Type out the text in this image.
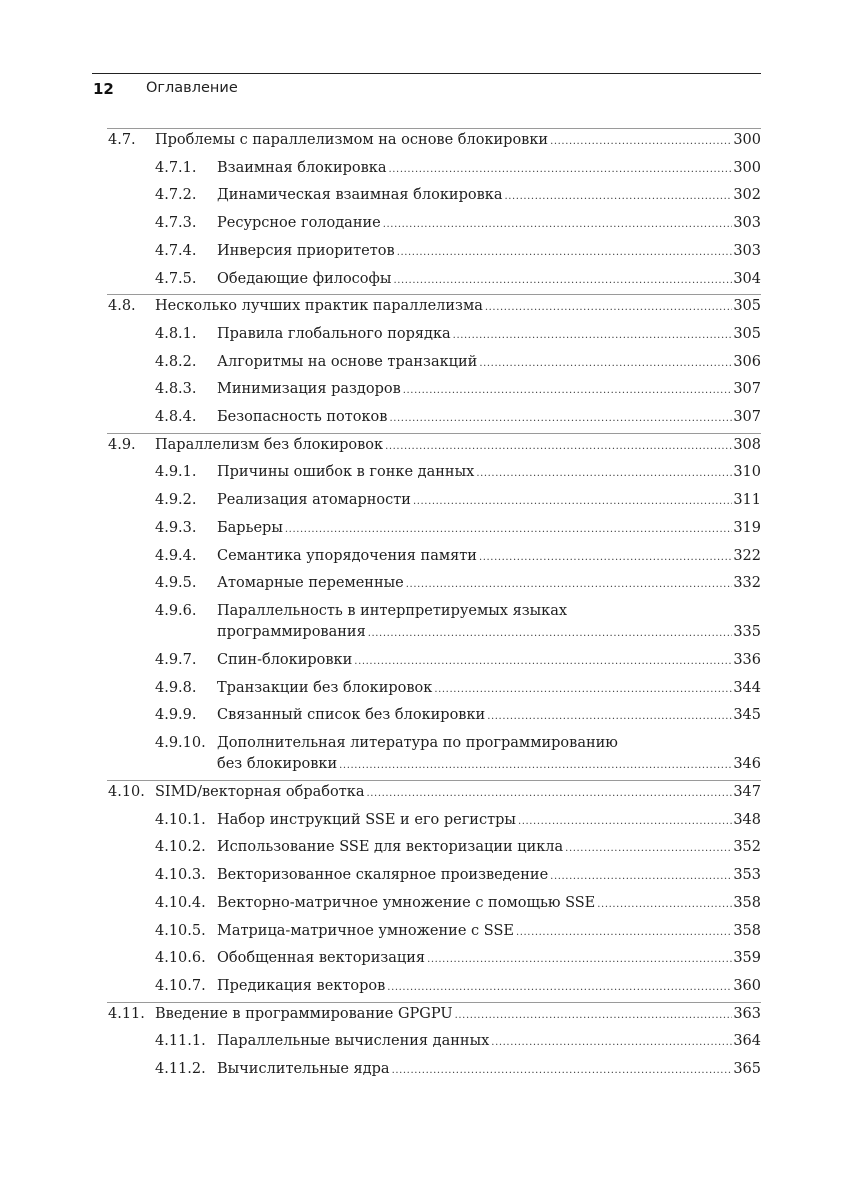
12 Оглавление
4.7. Проблемы с параллелизмом на основе блокировки .....	300
4.7.1. Взаимная блокировка .....	300
4.7.2. Динамическая взаимная блокировка .....	302
4.7.3. Ресурсное голодание .....	303
4.7.4. Инверсия приоритетов .....	303
4.7.5. Обедающие философы .....	304
4.8. Несколько лучших практик параллелизма .....	305
4.8.1. Правила глобального порядка .....	305
4.8.2. Алгоритмы на основе транзакций .....	306
4.8.3. Минимизация раздоров .....	307
4.8.4. Безопасность потоков .....	307
4.9. Параллелизм без блокировок .....	308
4.9.1. Причины ошибок в гонке данных .....	310
4.9.2. Реализация атомарности .....	311
4.9.3. Барьеры .....	319
4.9.4. Семантика упорядочения памяти .....	322
4.9.5. Атомарные переменные .....	332
4.9.6. Параллельность в интерпретируемых языках
программирования .....	335
4.9.7. Спин-блокировки .....	336
4.9.8. Транзакции без блокировок .....	344
4.9.9. Связанный список без блокировки .....	345
4.9.10. Дополнительная литература по программированию
без блокировки .....	346
4.10. SIMD/векторная обработка .....	347
4.10.1. Набор инструкций SSE и его регистры .....	348
4.10.2. Использование SSE для векторизации цикла .....	352
4.10.3. Векторизованное скалярное произведение .....	353
4.10.4. Векторно-матричное умножение с помощью SSE .....	358
4.10.5. Матрица-матричное умножение с SSE .....	358
4.10.6. Обобщенная векторизация .....	359
4.10.7. Предикация векторов .....	360
4.11. Введение в программирование GPGPU .....	363
4.11.1. Параллельные вычисления данных .....	364
4.11.2. Вычислительные ядра .....	365
